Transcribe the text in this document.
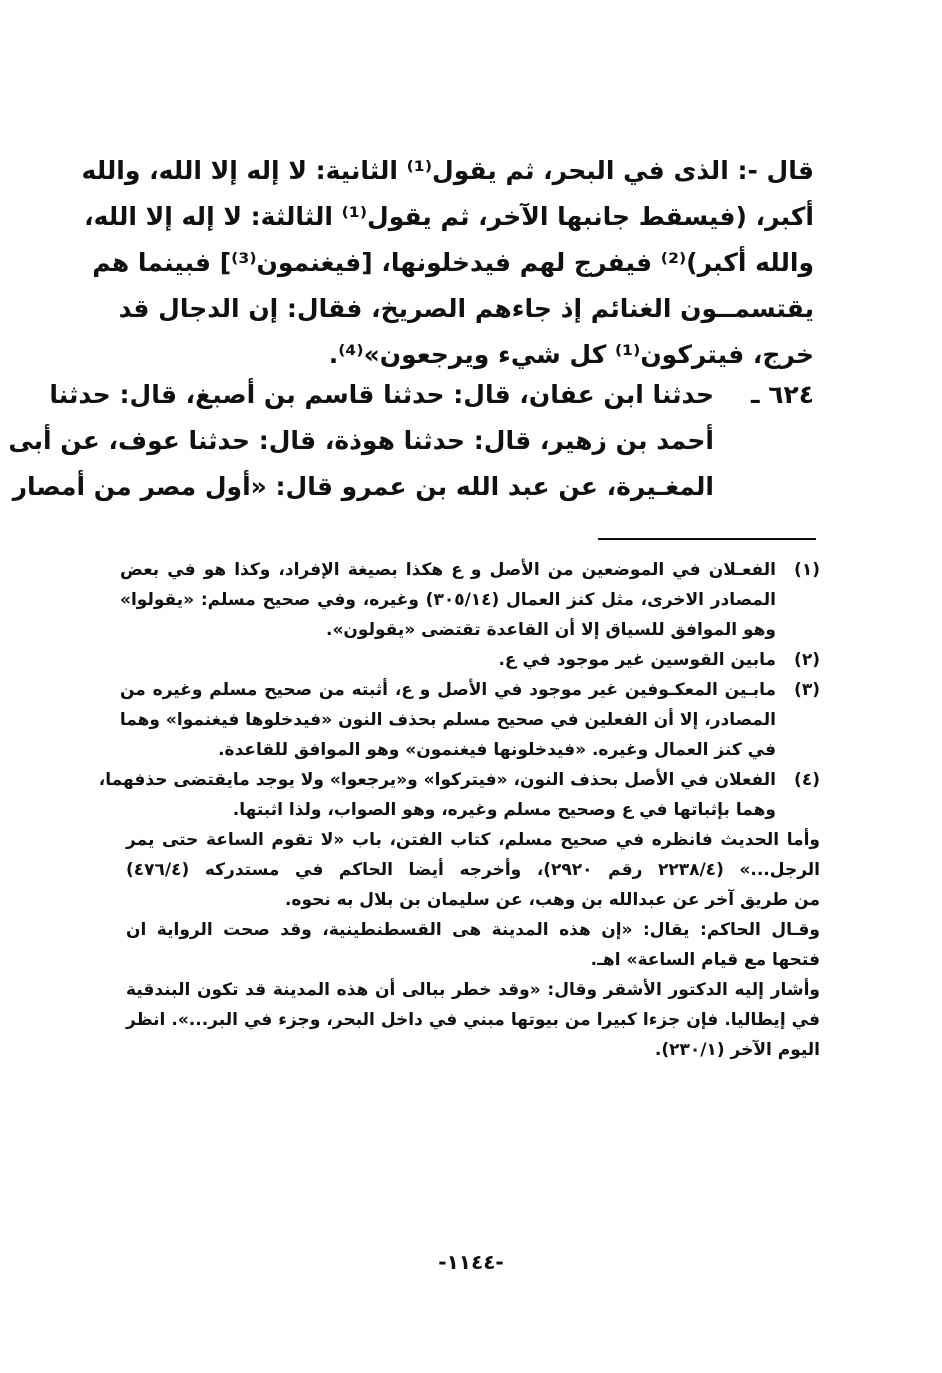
قال -: الذى في البحر، ثم يقول⁽¹⁾ الثانية: لا إله إلا الله، والله
أكبر، (فيسقط جانبها الآخر، ثم يقول⁽¹⁾ الثالثة: لا إله إلا الله،
والله أكبر)⁽²⁾ فيفرج لهم فيدخلونها، [فيغنمون⁽³⁾] فبينما هم
يقتسمــون الغنائم إذ جاءهم الصريخ، فقال: إن الدجال قد
خرج، فيتركون⁽¹⁾ كل شيء ويرجعون»⁽⁴⁾.
٦٢٤ ـ
حدثنا ابن عفان، قال: حدثنا قاسم بن أصبغ، قال: حدثنا
أحمد بن زهير، قال: حدثنا هوذة، قال: حدثنا عوف، عن أبى
المغـيرة، عن عبد الله بن عمرو قال: «أول مصر من أمصار
(١)
الفعـلان في الموضعين من الأصل و ع هكذا بصيغة الإفراد، وكذا هو في بعض
المصادر الاخرى، مثل كنز العمال (٣٠٥/١٤) وغيره، وفي صحيح مسلم: «يقولوا»
وهو الموافق للسياق إلا أن القاعدة تقتضى «يقولون».
(٢)
مابين القوسين غير موجود في ع.
(٣)
مابـين المعكـوفين غير موجود في الأصل و ع، أثبته من صحيح مسلم وغيره من
المصادر، إلا أن الفعلين في صحيح مسلم بحذف النون «فيدخلوها فيغنموا» وهما
في كنز العمال وغيره. «فيدخلونها فيغنمون» وهو الموافق للقاعدة.
(٤)
الفعلان في الأصل بحذف النون، «فيتركوا» و«يرجعوا» ولا يوجد مايقتضى حذفهما،
وهما بإثباتها في ع وصحيح مسلم وغيره، وهو الصواب، ولذا اثبتها.
وأما الحديث فانظره في صحيح مسلم، كتاب الفتن، باب «لا تقوم الساعة حتى يمر
الرجل...» (٢٢٣٨/٤ رقم ٢٩٢٠)، وأخرجه أيضا الحاكم في مستدركه (٤٧٦/٤)
من طريق آخر عن عبدالله بن وهب، عن سليمان بن بلال به نحوه.
وقـال الحاكم: يقال: «إن هذه المدينة هى القسطنطينية، وقد صحت الرواية ان
فتحها مع قيام الساعة» اهـ.
وأشار إليه الدكتور الأشقر وقال: «وقد خطر ببالى أن هذه المدينة قد تكون البندقية
في إيطاليا. فإن جزءا كبيرا من بيوتها مبني في داخل البحر، وجزء في البر...». انظر
اليوم الآخر (٢٣٠/١).
-١١٤٤-
